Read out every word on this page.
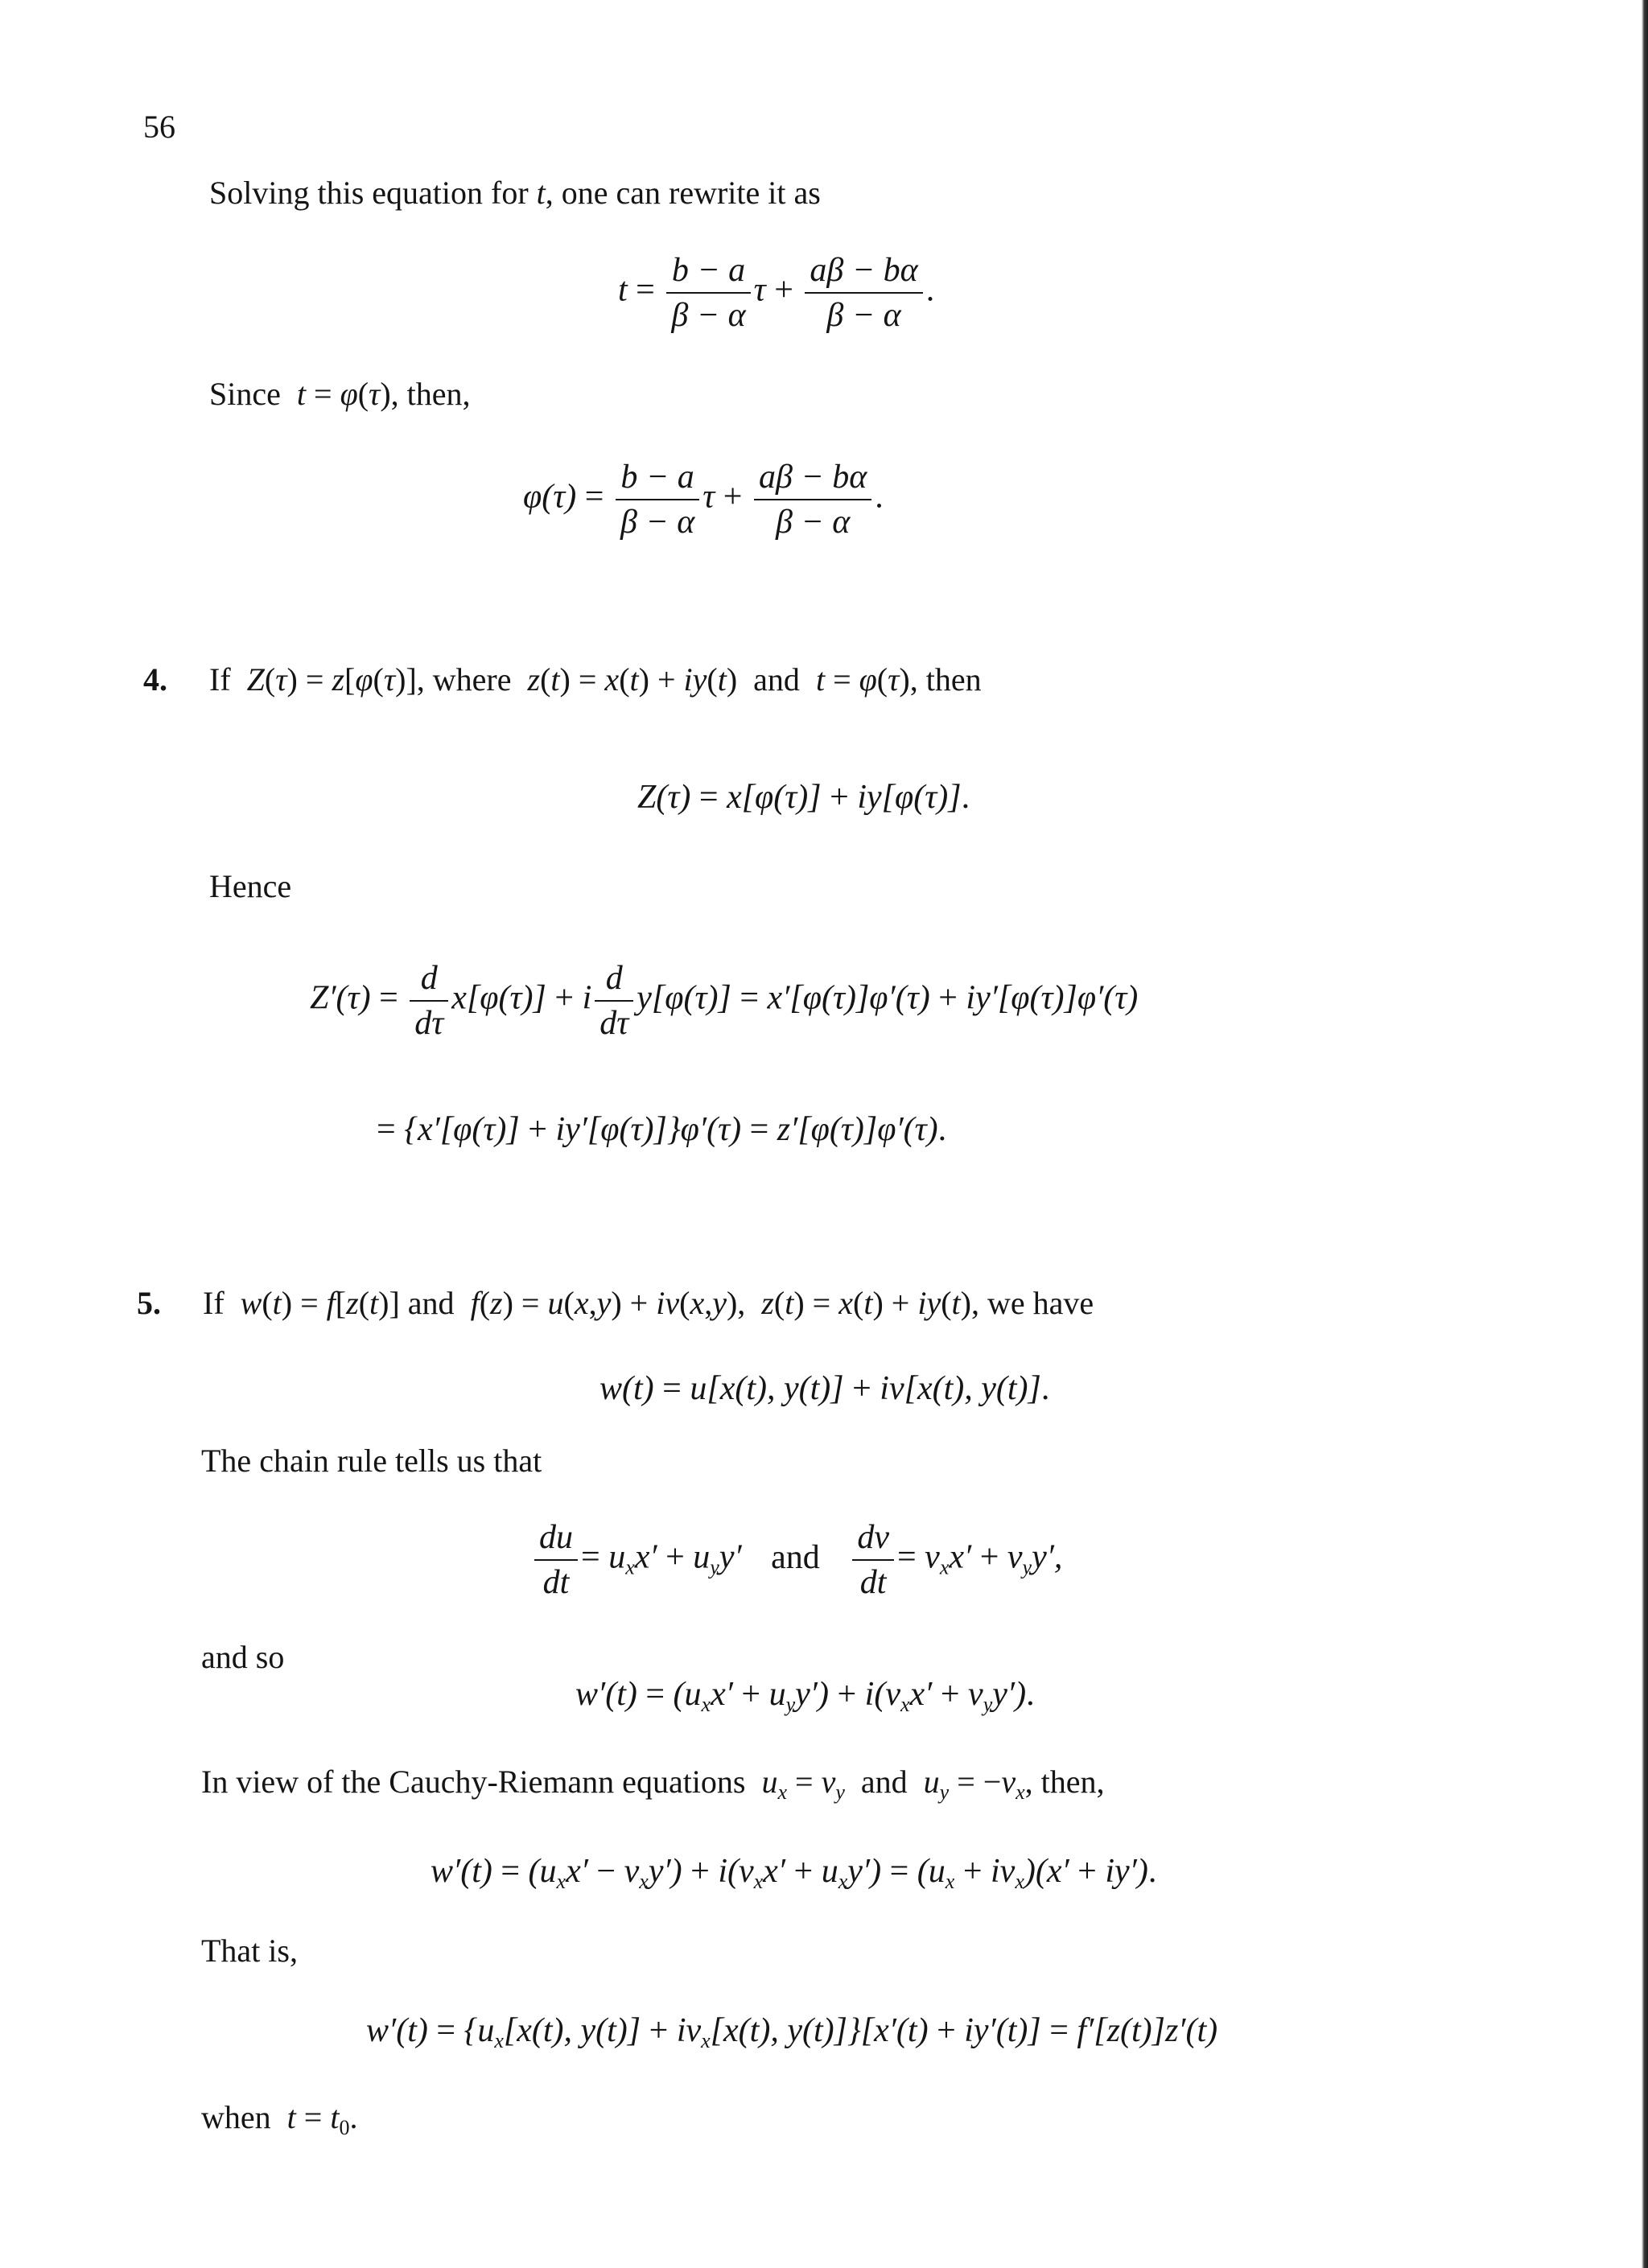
56
Solving this equation for t, one can rewrite it as
$t = \frac{b - a}{\beta - \alpha}$ $\tau + \frac{a\beta - b\alpha}{\beta - \alpha}$ .
Since  t = φ(τ), then,
$\varphi(\tau) = \frac{b - a}{\beta - \alpha}$ $\tau + \frac{a\beta - b\alpha}{\beta - \alpha}$ .
4. If  Z(τ) = z[φ(τ)], where  z(t) = x(t) + iy(t)  and  t = φ(τ), then
Z(τ) = x[φ(τ)] + iy[φ(τ)].
Hence
$Z'(\tau) = \frac{d}{d\tau} x[\varphi(\tau)] + i \frac{d}{d\tau} y[\varphi(\tau)] = x'[\varphi(\tau)]\varphi'(\tau) + iy'[\varphi(\tau)]\varphi'(\tau)$
= {x′[φ(τ)] + iy′[φ(τ)]}φ′(τ) = z′[φ(τ)]φ′(τ).
5. If  w(t) = f[z(t)] and  f(z) = u(x,y) + iv(x,y),  z(t) = x(t) + iy(t), we have
w(t) = u[x(t), y(t)] + iv[x(t), y(t)].
The chain rule tells us that
$\frac{du}{dt} = u_xx' + u_yy'$ and $\frac{dv}{dt} = v_xx' + v_yy'$,
and so
$w'(t) = (u_xx' + u_yy') + i(v_xx' + v_yy')$.
In view of the Cauchy-Riemann equations  $u_x = v_y$  and  $u_y = -v_x$, then,
$w'(t) = (u_xx' - v_xy') + i(v_xx' + u_xy') = (u_x + iv_x)(x' + iy')$.
That is,
$w'(t) = \{u_x[x(t)$, $y(t)] + iv_x[x(t)$, y(t)]}[x′(t) + iy′(t)] = f′[z(t)]z′(t)
when  $t = t_0$.
